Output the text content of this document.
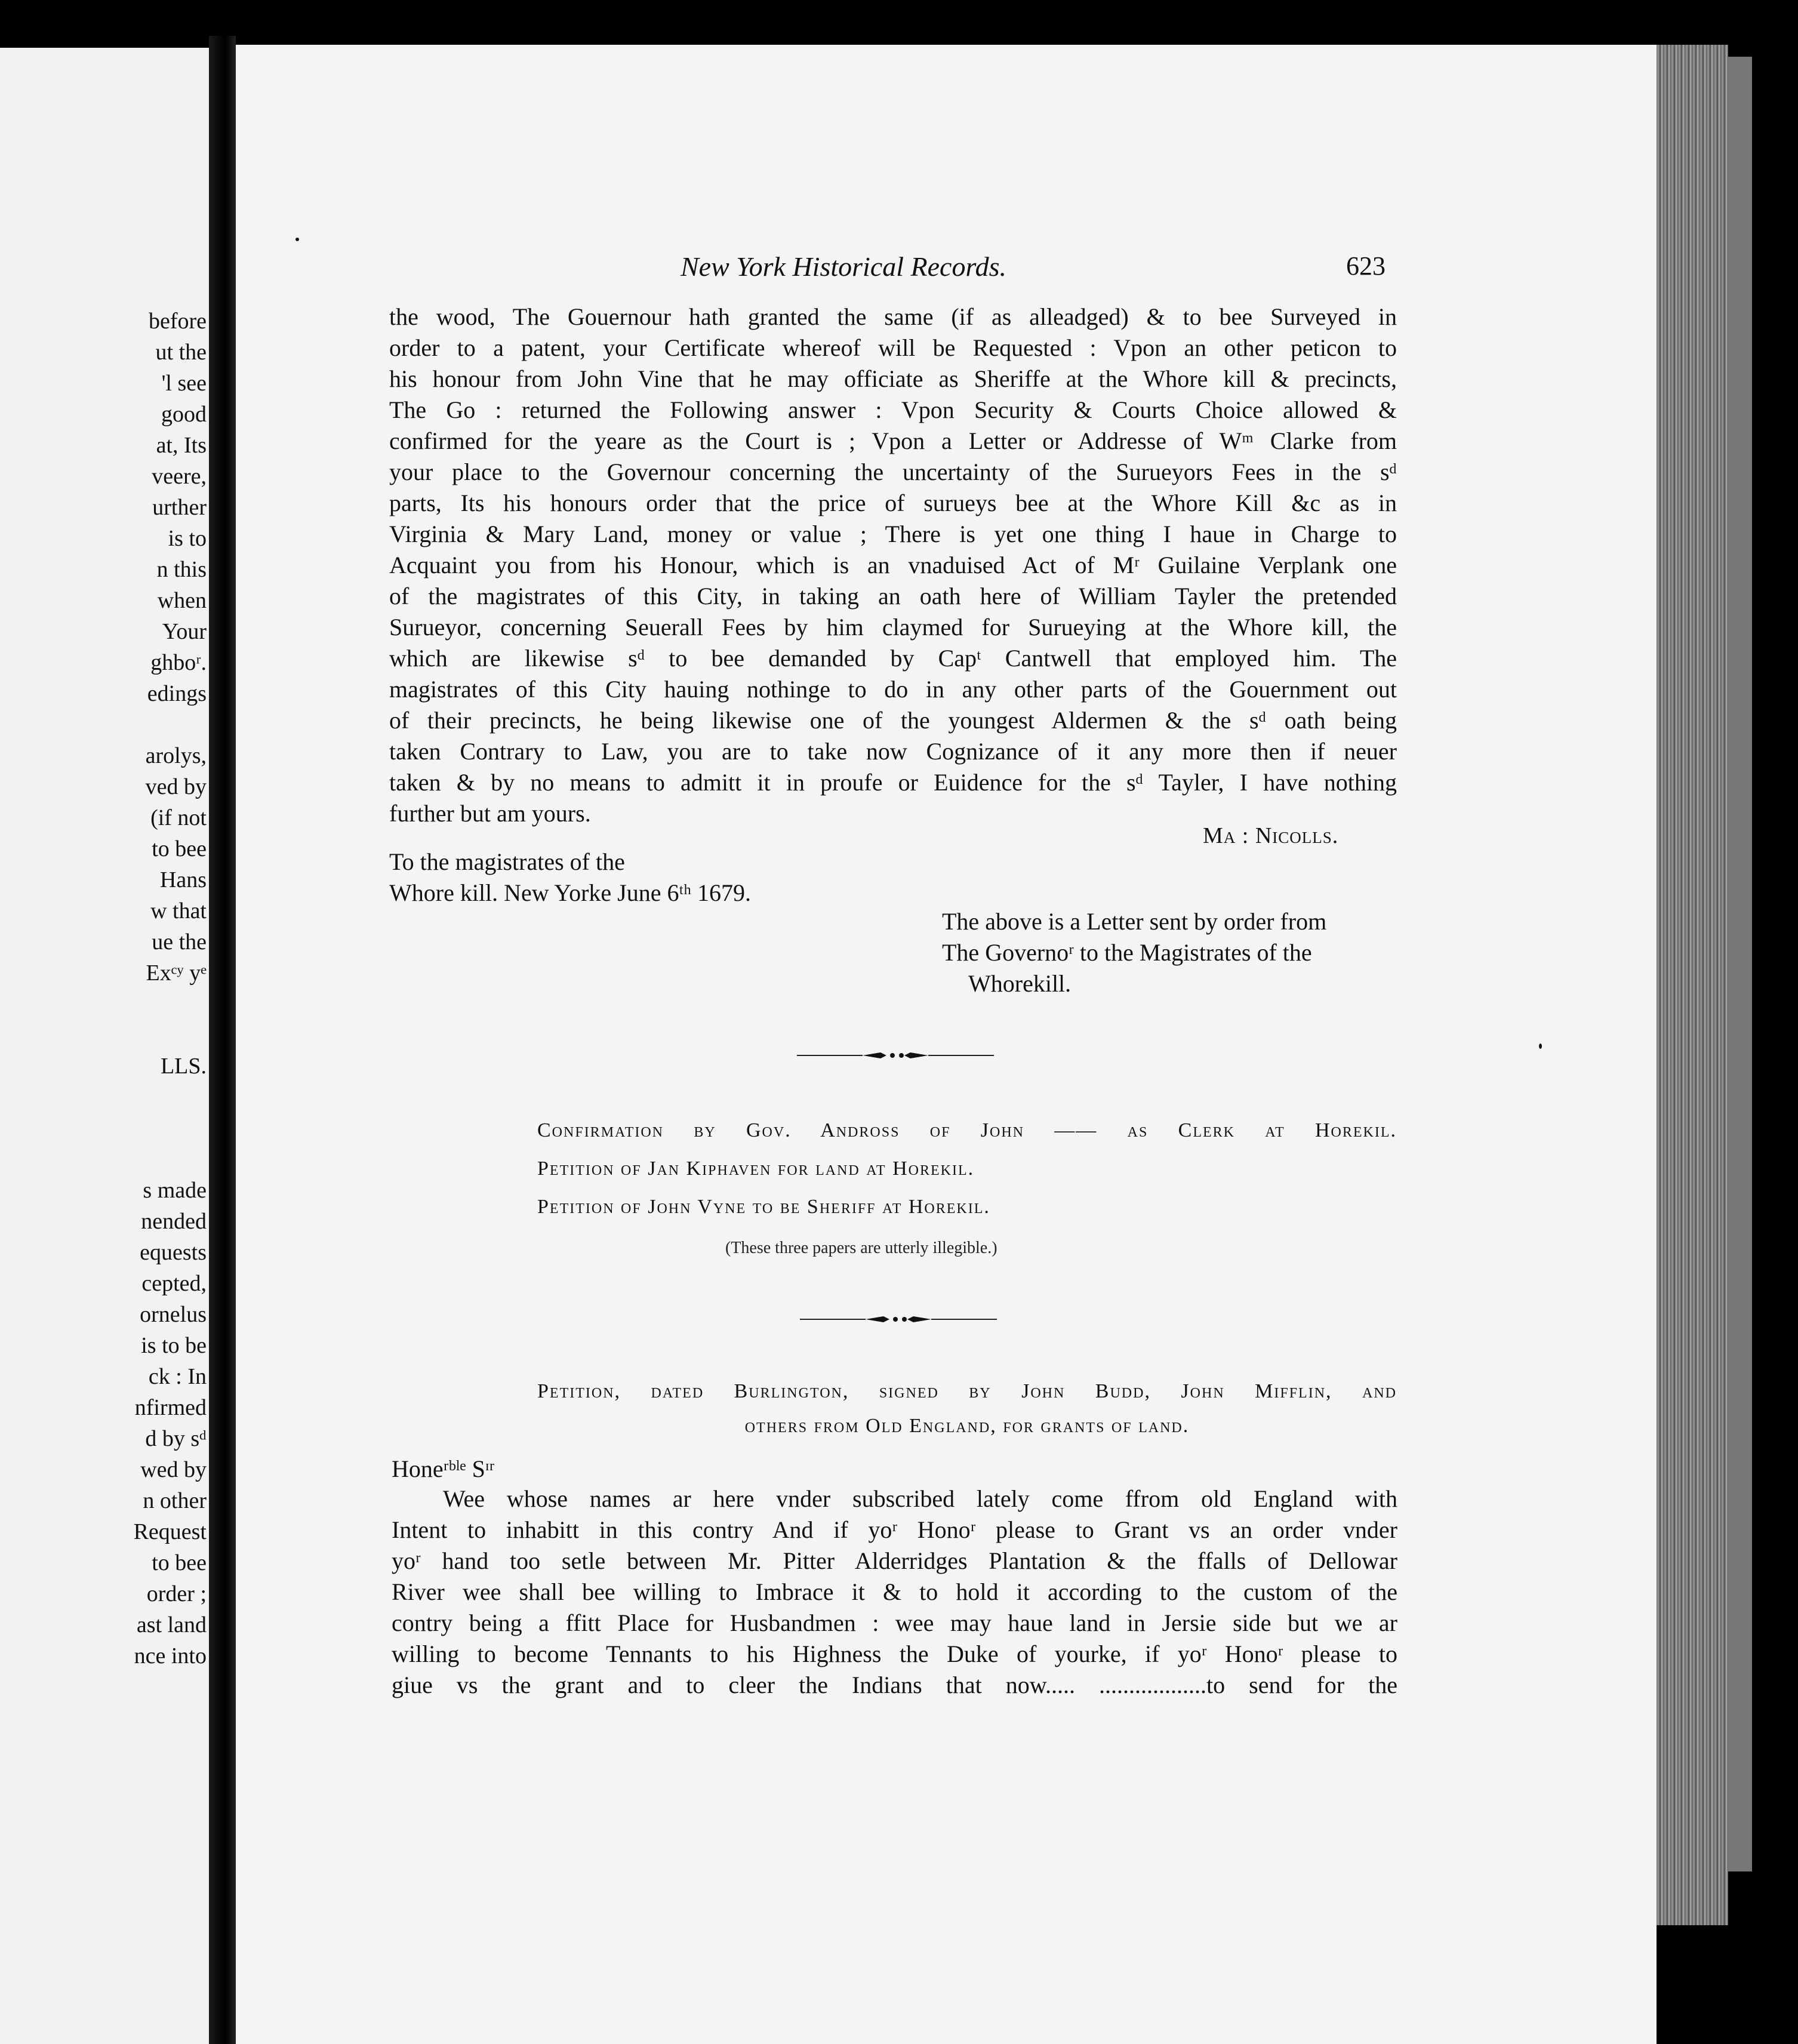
before
ut the
'l see
good
at, Its
veere,
urther
is to
n this
when
Your
ghboʳ.
edings
arolys,
ved by
(if not
to bee
Hans
w that
ue the
Exᶜʸ yᵉ
LLS.
s made
nended
equests
cepted,
ornelus
is to be
ck : In
nfirmed
d by sᵈ
wed by
n other
Request
to bee
order ;
ast land
nce into
New York Historical Records.	623
the wood, The Gouernour hath granted the same (if as alleadged) & to bee Surveyed in
order to a patent, your Certificate whereof will be Requested : Vpon an other peticon to
his honour from John Vine that he may officiate as Sheriffe at the Whore kill & precincts,
The Go : returned the Following answer : Vpon Security & Courts Choice allowed &
confirmed for the yeare as the Court is ; Vpon a Letter or Addresse of Wᵐ Clarke from
your place to the Governour concerning the uncertainty of the Surueyors Fees in the sᵈ
parts, Its his honours order that the price of surueys bee at the Whore Kill &c as in
Virginia & Mary Land, money or value ; There is yet one thing I haue in Charge to
Acquaint you from his Honour, which is an vnaduised Act of Mʳ Guilaine Verplank one
of the magistrates of this City, in taking an oath here of William Tayler the pretended
Surueyor, concerning Seuerall Fees by him claymed for Surueying at the Whore kill, the
which are likewise sᵈ to bee demanded by Capᵗ Cantwell that employed him. The
magistrates of this City hauing nothinge to do in any other parts of the Gouernment out
of their precincts, he being likewise one of the youngest Aldermen & the sᵈ oath being
taken Contrary to Law, you are to take now Cognizance of it any more then if neuer
taken & by no means to admitt it in proufe or Euidence for the sᵈ Tayler, I have nothing
further but am yours.
Ma : Nicolls.
To the magistrates of the
Whore kill. New Yorke June 6ᵗʰ 1679.
The above is a Letter sent by order from
The Governoʳ to the Magistrates of the
Whorekill.
Confirmation by Gov. Andross of John —— as Clerk at Horekil.
Petition of Jan Kiphaven for land at Horekil.
Petition of John Vyne to be Sheriff at Horekil.
(These three papers are utterly illegible.)
Petition, dated Burlington, signed by John Budd, John Mifflin, and
others from Old England, for grants of land.
Honeʳᵇˡᵉ Sᶦʳ
Wee whose names ar here vnder subscribed lately come ffrom old England with
Intent to inhabitt in this contry And if yoʳ Honoʳ please to Grant vs an order vnder
yoʳ hand too setle between Mr. Pitter Alderridges Plantation & the ffalls of Dellowar
River wee shall bee willing to Imbrace it & to hold it according to the custom of the
contry being a ffitt Place for Husbandmen : wee may haue land in Jersie side but we ar
willing to become Tennants to his Highness the Duke of yourke, if yoʳ Honoʳ please to
giue vs the grant and to cleer the Indians that now..... ..................to send for the
